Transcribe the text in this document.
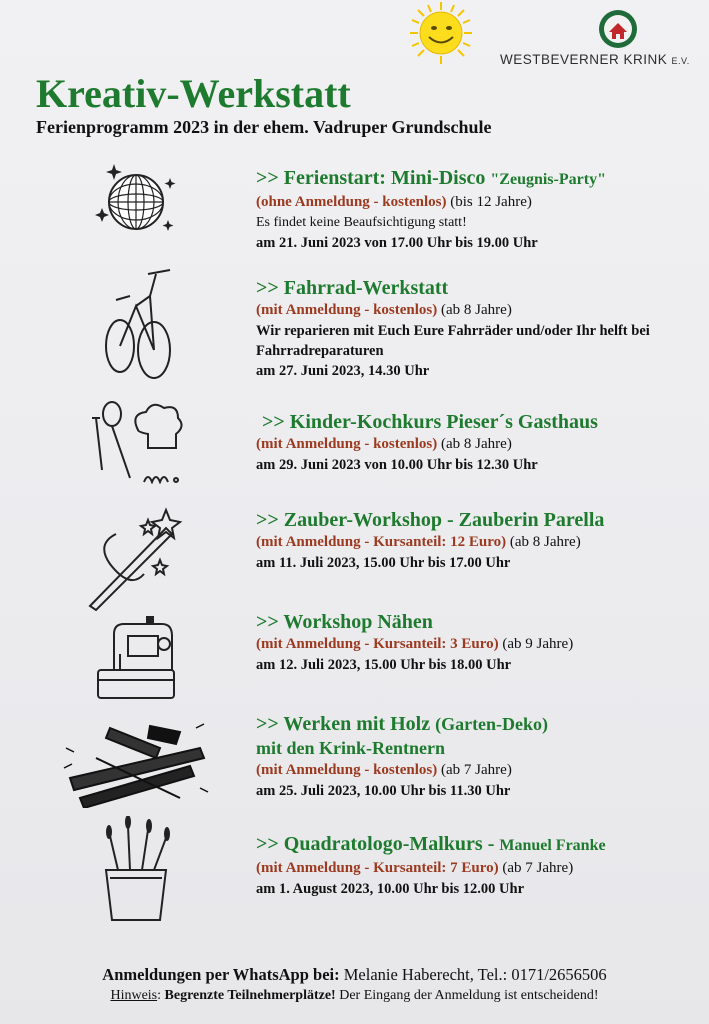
WESTBEVERNER KRINK E.V.
Kreativ-Werkstatt
Ferienprogramm 2023 in der ehem. Vadruper Grundschule
>> Ferienstart: Mini-Disco "Zeugnis-Party"
(ohne Anmeldung - kostenlos) (bis 12 Jahre)
Es findet keine Beaufsichtigung statt!
am 21. Juni 2023 von 17.00 Uhr bis 19.00 Uhr
>> Fahrrad-Werkstatt
(mit Anmeldung - kostenlos) (ab 8 Jahre)
Wir reparieren mit Euch Eure Fahrräder und/oder Ihr helft bei Fahrradreparaturen
am 27. Juni 2023, 14.30 Uhr
>> Kinder-Kochkurs Pieser´s Gasthaus
(mit Anmeldung - kostenlos) (ab 8 Jahre)
am 29. Juni 2023 von 10.00 Uhr bis 12.30 Uhr
>> Zauber-Workshop - Zauberin Parella
(mit Anmeldung - Kursanteil: 12 Euro) (ab 8 Jahre)
am 11. Juli 2023, 15.00 Uhr bis 17.00 Uhr
>> Workshop Nähen
(mit Anmeldung - Kursanteil: 3 Euro) (ab 9 Jahre)
am 12. Juli 2023, 15.00 Uhr bis 18.00 Uhr
>> Werken mit Holz (Garten-Deko)
mit den Krink-Rentnern
(mit Anmeldung - kostenlos) (ab 7 Jahre)
am 25. Juli 2023, 10.00 Uhr bis 11.30 Uhr
>> Quadratologo-Malkurs - Manuel Franke
(mit Anmeldung - Kursanteil: 7 Euro) (ab 7 Jahre)
am 1. August 2023, 10.00 Uhr bis 12.00 Uhr
Anmeldungen per WhatsApp bei: Melanie Haberecht, Tel.: 0171/2656506
Hinweis: Begrenzte Teilnehmerplätze! Der Eingang der Anmeldung ist entscheidend!
